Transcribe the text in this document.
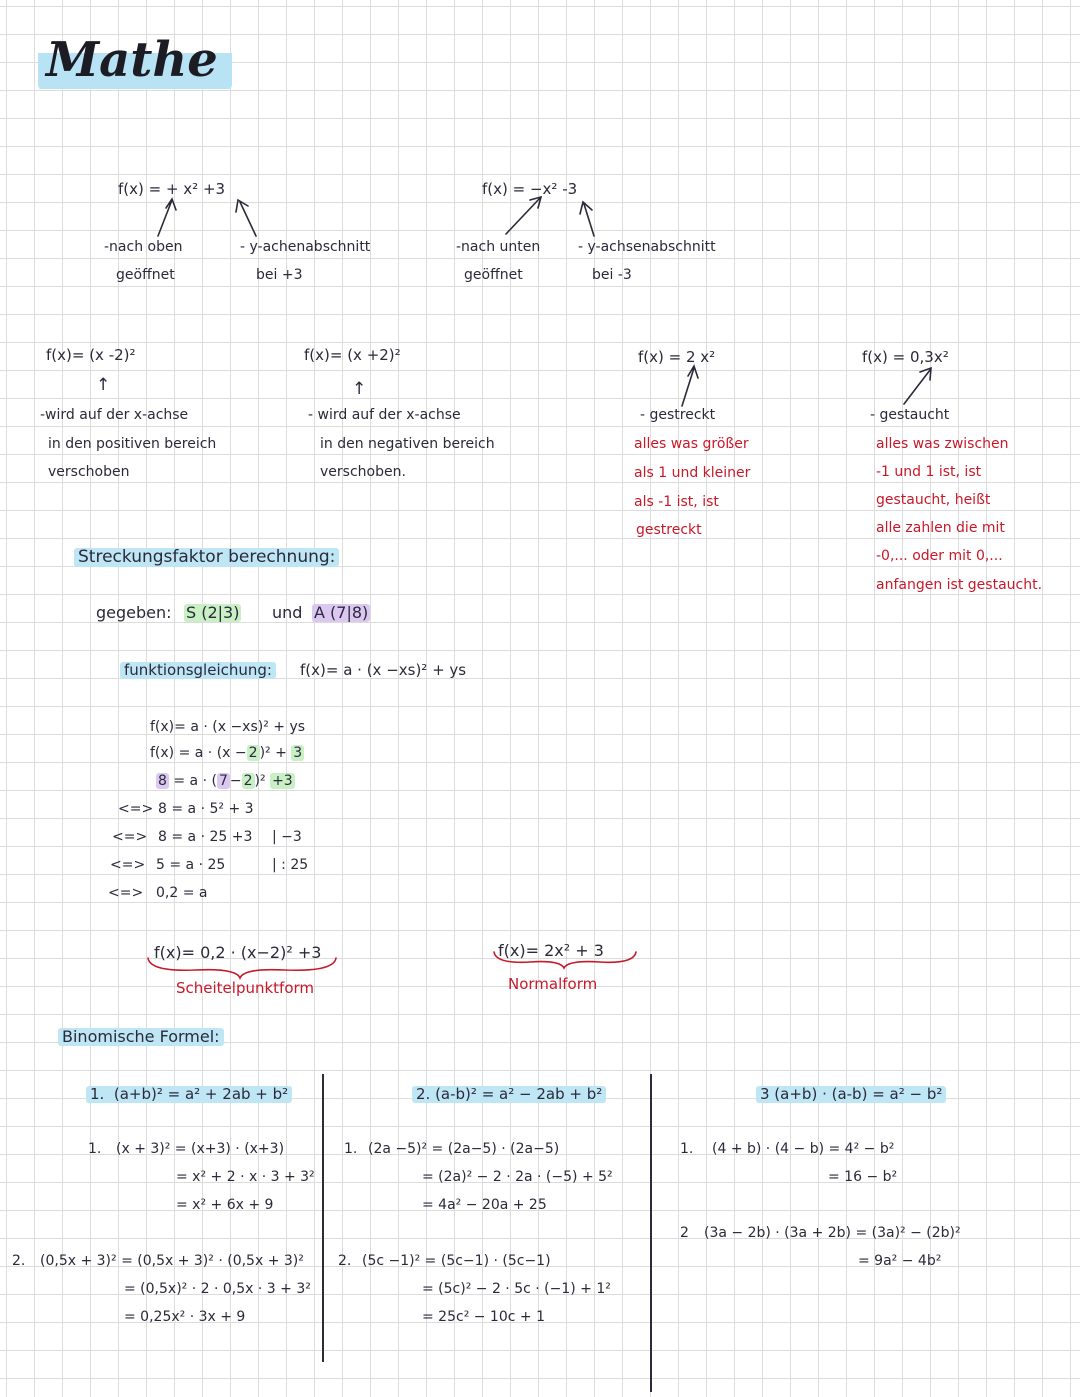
Mathe
f(x) = + x² +3
-nach oben
geöffnet
- y-achenabschnitt
bei +3
f(x) = −x² -3
-nach unten
geöffnet
- y-achsenabschnitt
bei -3
f(x)= (x -2)²
↑
-wird auf der x-achse
in den positiven bereich
verschoben
f(x)= (x +2)²
↑
- wird auf der x-achse
in den negativen bereich
verschoben.
f(x) = 2 x²
- gestreckt
alles was größer
als 1 und kleiner
als -1 ist, ist
gestreckt
f(x) = 0,3x²
- gestaucht
alles was zwischen
-1 und 1 ist, ist
gestaucht, heißt
alle zahlen die mit
-0,... oder mit 0,...
anfangen ist gestaucht.
Streckungsfaktor berechnung:
gegeben: S (2|3) und A (7|8)
funktionsgleichung: f(x)= a · (x −xs)² + ys
f(x)= a · (x −xs)² + ys
f(x) = a · (x − 2 )² + 3
8 = a · ( 7 − 2 )² +3
<=> 8 = a · 5² + 3
<=> 8 = a · 25 +3 | −3
<=> 5 = a · 25	| : 25
<=> 0,2 = a
f(x)= 0,2 · (x−2)² +3
Scheitelpunktform
f(x)= 2x² + 3
Normalform
Binomische Formel:
1. (a+b)² = a² + 2ab + b²
1. (x + 3)² = (x+3) · (x+3)
= x² + 2 · x · 3 + 3²
= x² + 6x + 9
2. (0,5x + 3)² = (0,5x + 3)² · (0,5x + 3)²
= (0,5x)² · 2 · 0,5x · 3 + 3²
= 0,25x² · 3x + 9
2. (a-b)² = a² − 2ab + b²
1. (2a −5)² = (2a−5) · (2a−5)
= (2a)² − 2 · 2a · (−5) + 5²
= 4a² − 20a + 25
2. (5c −1)² = (5c−1) · (5c−1)
= (5c)² − 2 · 5c · (−1) + 1²
= 25c² − 10c + 1
3 (a+b) · (a-b) = a² − b²
1. (4 + b) · (4 − b) = 4² − b²
= 16 − b²
2 (3a − 2b) · (3a + 2b) = (3a)² − (2b)²
= 9a² − 4b²
